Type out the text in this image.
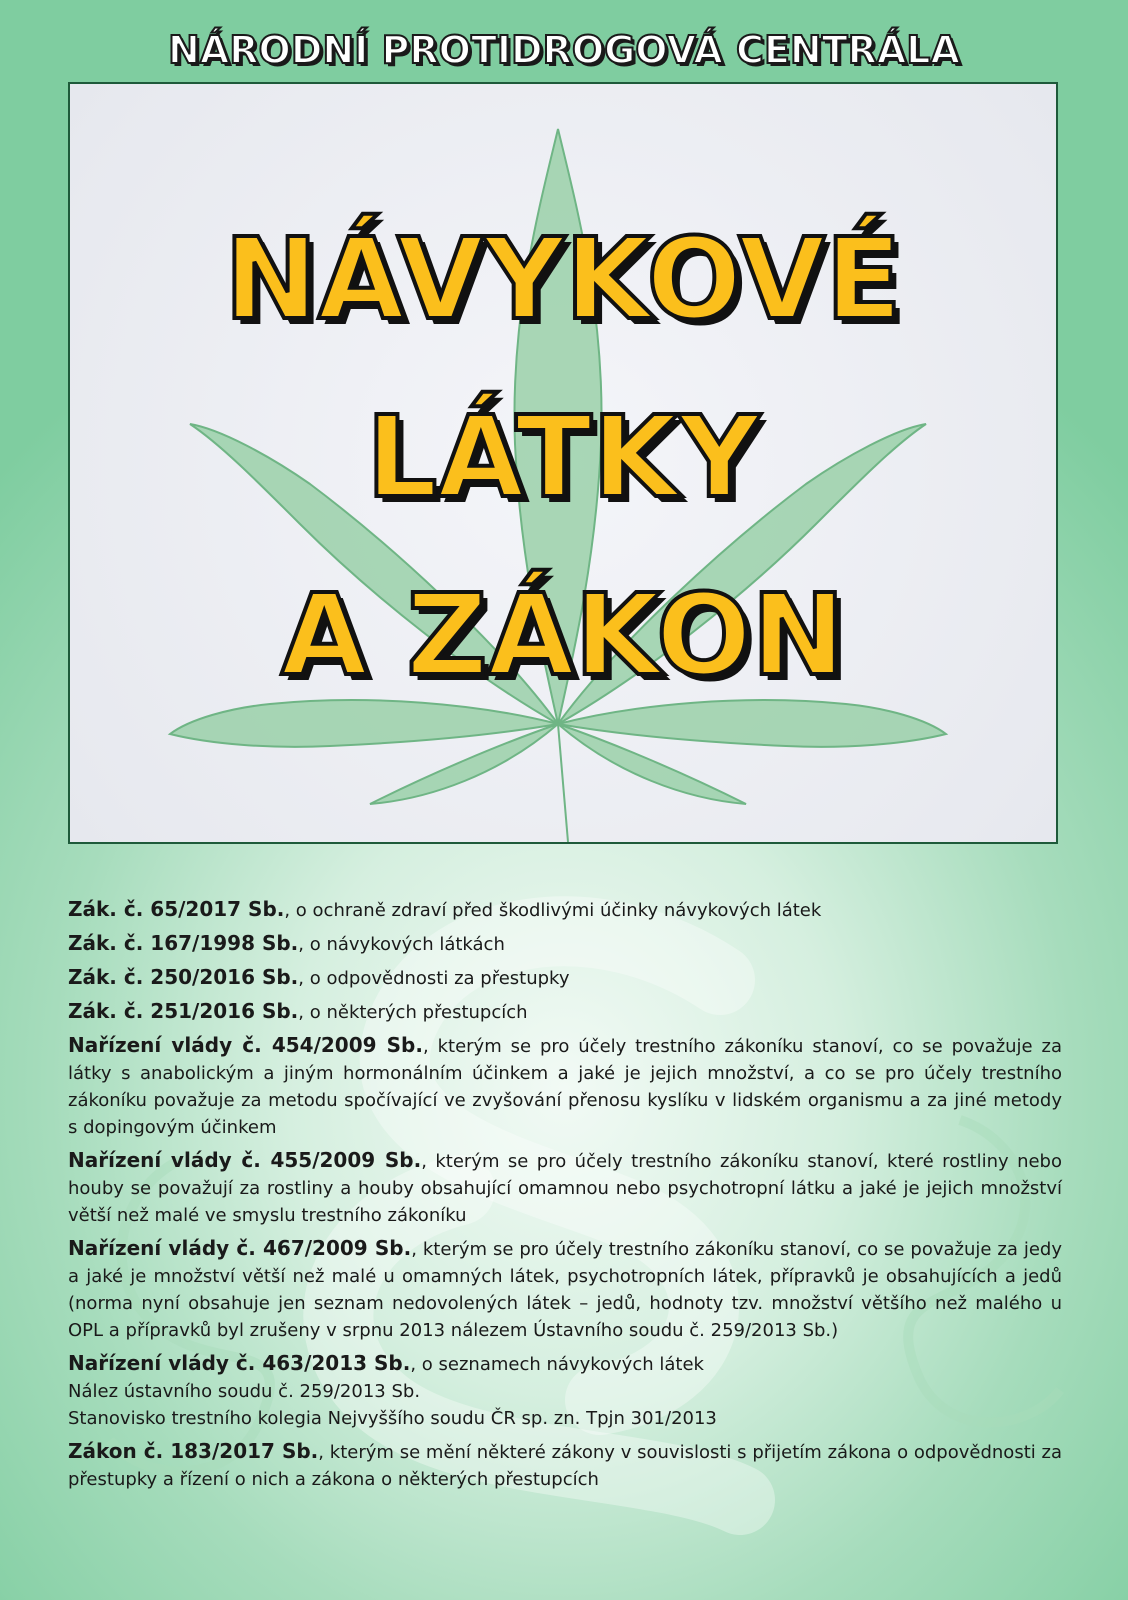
NÁRODNÍ PROTIDROGOVÁ CENTRÁLA
NÁVYKOVÉ
LÁTKY
A ZÁKON

Zák. č. 65/2017 Sb., o ochraně zdraví před škodlivými účinky návykových látek

Zák. č. 167/1998 Sb., o návykových látkách

Zák. č. 250/2016 Sb., o odpovědnosti za přestupky

Zák. č. 251/2016 Sb., o některých přestupcích

Nařízení vlády č. 454/2009 Sb., kterým se pro účely trestního zákoníku stanoví, co se považuje za látky s anabolickým a jiným hormonálním účinkem a jaké je jejich množství, a co se pro účely trestního zákoníku považuje za metodu spočívající ve zvyšování přenosu kyslíku v lidském organismu a za jiné metody s dopingovým účinkem

Nařízení vlády č. 455/2009 Sb., kterým se pro účely trestního zákoníku stanoví, které rostliny nebo houby se považují za rostliny a houby obsahující omamnou nebo psychotropní látku a jaké je jejich množství větší než malé ve smyslu trestního zákoníku

Nařízení vlády č. 467/2009 Sb., kterým se pro účely trestního zákoníku stanoví, co se považuje za jedy a jaké je množství větší než malé u omamných látek, psychotropních látek, přípravků je obsahujících a jedů (norma nyní obsahuje jen seznam nedovolených látek – jedů, hodnoty tzv. množství většího než malého u OPL a přípravků byl zrušeny v srpnu 2013 nálezem Ústavního soudu č. 259/2013 Sb.)

Nařízení vlády č. 463/2013 Sb., o seznamech návykových látek

Nález ústavního soudu č. 259/2013 Sb.

Stanovisko trestního kolegia Nejvyššího soudu ČR sp. zn. Tpjn 301/2013

Zákon č. 183/2017 Sb., kterým se mění některé zákony v souvislosti s přijetím zákona o odpovědnosti za přestupky a řízení o nich a zákona o některých přestupcích
